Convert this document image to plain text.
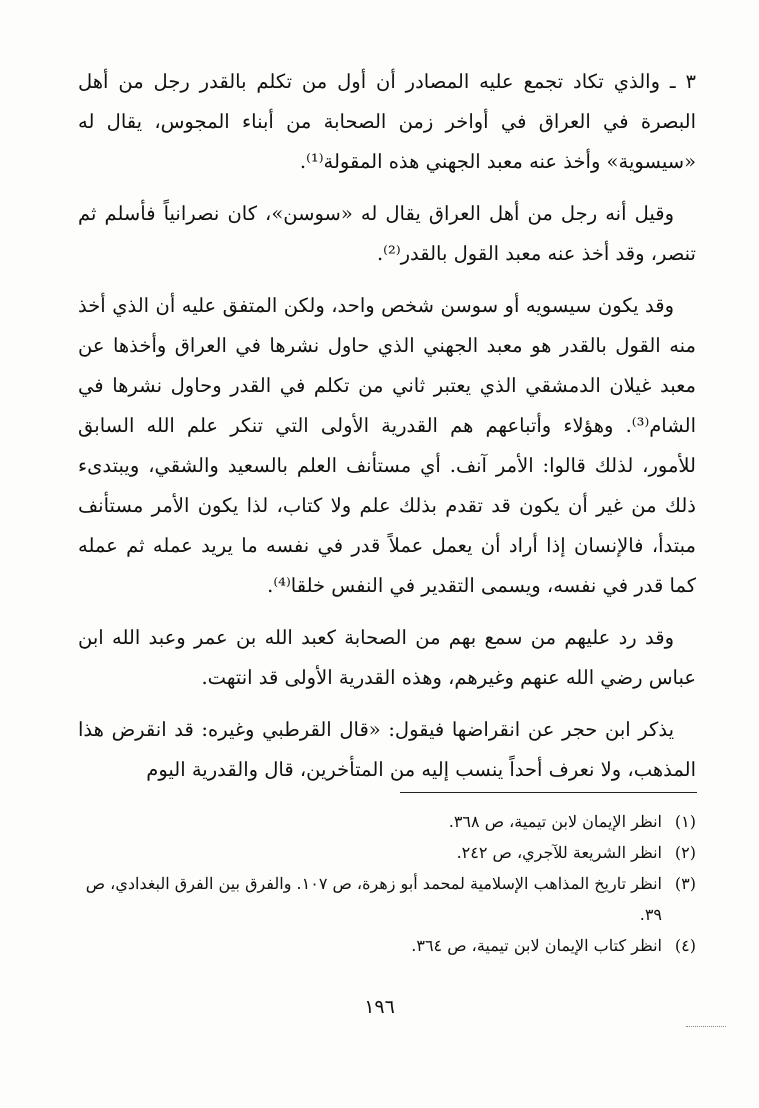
٣ ـ والذي تكاد تجمع عليه المصادر أن أول من تكلم بالقدر رجل من أهل البصرة في العراق في أواخر زمن الصحابة من أبناء المجوس، يقال له «سيسوية» وأخذ عنه معبد الجهني هذه المقولة⁽¹⁾.

وقيل أنه رجل من أهل العراق يقال له «سوسن»، كان نصرانياً فأسلم ثم تنصر، وقد أخذ عنه معبد القول بالقدر⁽²⁾.

وقد يكون سيسويه أو سوسن شخص واحد، ولكن المتفق عليه أن الذي أخذ منه القول بالقدر هو معبد الجهني الذي حاول نشرها في العراق وأخذها عن معبد غيلان الدمشقي الذي يعتبر ثاني من تكلم في القدر وحاول نشرها في الشام⁽³⁾. وهؤلاء وأتباعهم هم القدرية الأولى التي تنكر علم الله السابق للأمور، لذلك قالوا: الأمر آنف. أي مستأنف العلم بالسعيد والشقي، ويبتدىء ذلك من غير أن يكون قد تقدم بذلك علم ولا كتاب، لذا يكون الأمر مستأنف مبتدأ، فالإنسان إذا أراد أن يعمل عملاً قدر في نفسه ما يريد عمله ثم عمله كما قدر في نفسه، ويسمى التقدير في النفس خلقا⁽⁴⁾.

وقد رد عليهم من سمع بهم من الصحابة كعبد الله بن عمر وعبد الله ابن عباس رضي الله عنهم وغيرهم، وهذه القدرية الأولى قد انتهت.

يذكر ابن حجر عن انقراضها فيقول: «قال القرطبي وغيره: قد انقرض هذا المذهب، ولا نعرف أحداً ينسب إليه من المتأخرين، قال والقدرية اليوم

(١)انظر الإيمان لابن تيمية، ص ٣٦٨.

(٢)انظر الشريعة للآجري، ص ٢٤٢.

(٣)انظر تاريخ المذاهب الإسلامية لمحمد أبو زهرة، ص ١٠٧. والفرق بين الفرق البغدادي، ص ٣٩.

(٤)انظر كتاب الإيمان لابن تيمية، ص ٣٦٤.

١٩٦
